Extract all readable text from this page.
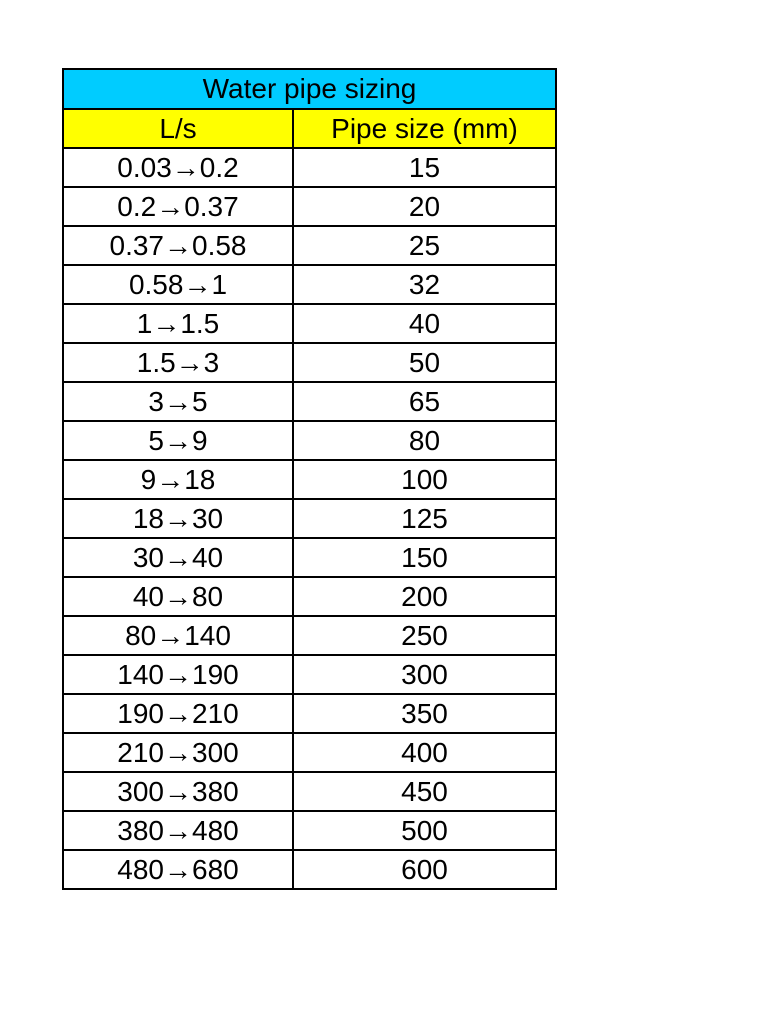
Water pipe sizing	
L/s	Pipe size (mm)
0.03→0.2	15
0.2→0.37	20
0.37→0.58	25
0.58→1	32
1→1.5	40
1.5→3	50
3→5	65
5→9	80
9→18	100
18→30	125
30→40	150
40→80	200
80→140	250
140→190	300
190→210	350
210→300	400
300→380	450
380→480	500
480→680	600
